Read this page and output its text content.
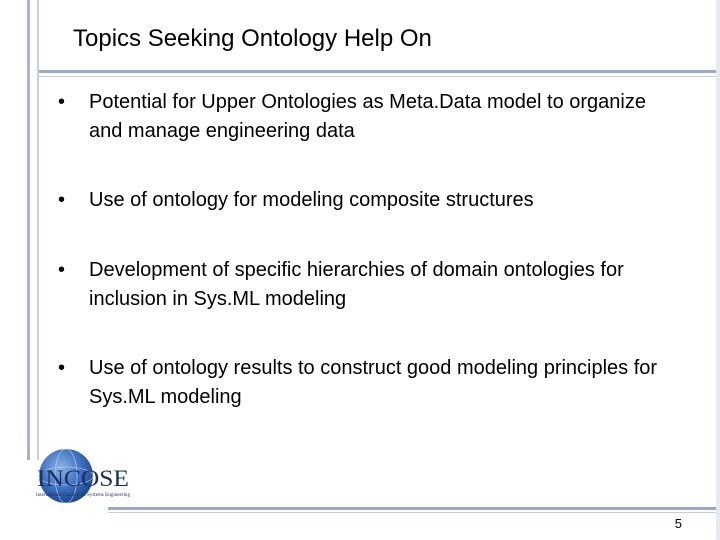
Topics Seeking Ontology Help On
•	Potential for Upper Ontologies as Meta.Data model to organize and manage engineering data
•	Use of ontology for modeling composite structures
•	Development of specific hierarchies of domain ontologies for inclusion in Sys.ML modeling
•	Use of ontology results to construct good modeling principles for Sys.ML modeling
INCOSE
International Council on Systems Engineering
5
